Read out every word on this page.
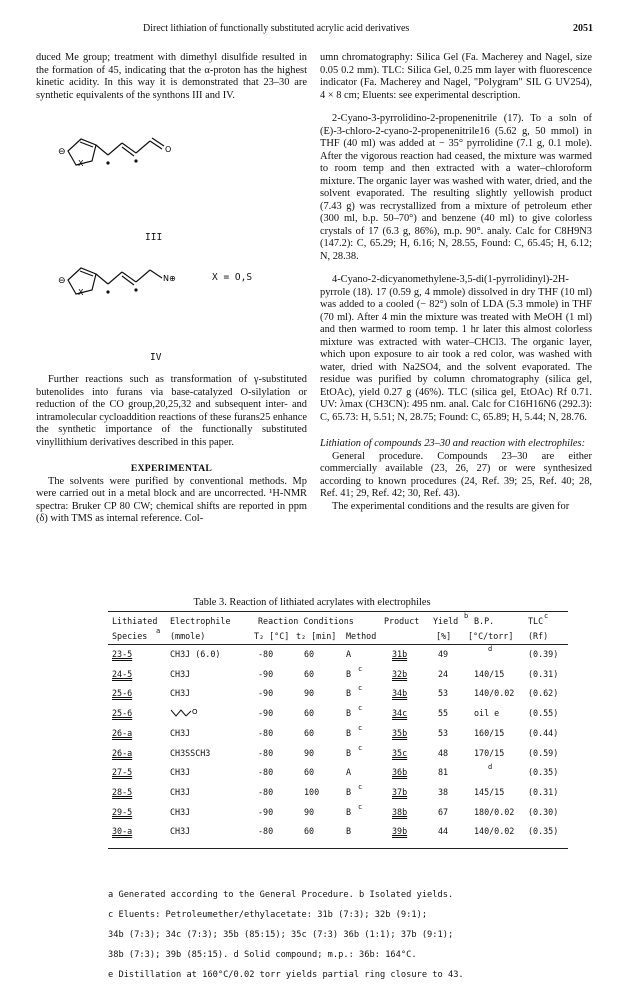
Direct lithiation of functionally substituted acrylic acid derivatives	2051

duced Me group; treatment with dimethyl disulfide resulted in the formation of 45, indicating that the α-proton has the highest kinetic acidity. In this way it is demonstrated that 23–30 are synthetic equivalents of the synthons III and IV.

⊖
X
O
III
⊖
X
N⊕	X = O,S
IV

Further reactions such as transformation of γ-substituted butenolides into furans via base-catalyzed O-silylation or reduction of the CO group,20,25,32 and subsequent inter- and intramolecular cycloaddition reactions of these furans25 enhance the synthetic importance of the functionally substituted vinyllithium derivatives described in this paper.

EXPERIMENTAL

The solvents were purified by conventional methods. Mp were carried out in a metal block and are uncorrected. ¹H-NMR spectra: Bruker CP 80 CW; chemical shifts are reported in ppm (δ) with TMS as internal reference. Col-

umn chromatography: Silica Gel (Fa. Macherey and Nagel, size 0.05 0.2 mm). TLC: Silica Gel, 0.25 mm layer with fluorescence indicator (Fa. Macherey and Nagel, "Polygram" SIL G UV254), 4 × 8 cm; Eluents: see experimental description.

2-Cyano-3-pyrrolidino-2-propenenitrile (17). To a soln of (E)-3-chloro-2-cyano-2-propenenitrile16 (5.62 g, 50 mmol) in THF (40 ml) was added at − 35° pyrrolidine (7.1 g, 0.1 mole). After the vigorous reaction had ceased, the mixture was warmed to room temp and then extracted with a water–chloroform mixture. The organic layer was washed with water, dried, and the solvent evaporated. The resulting slightly yellowish product (7.43 g) was recrystallized from a mixture of petroleum ether (300 ml, b.p. 50–70°) and benzene (40 ml) to give colorless crystals of 17 (6.3 g, 86%), m.p. 90°. analy. Calc for C8H9N3 (147.2): C, 65.29; H, 6.16; N, 28.55, Found: C, 65.45; H, 6.12; N, 28.38.

4-Cyano-2-dicyanomethylene-3,5-di(1-pyrrolidinyl)-2H-pyrrole (18). 17 (0.59 g, 4 mmole) dissolved in dry THF (10 ml) was added to a cooled (− 82°) soln of LDA (5.3 mmole) in THF (70 ml). After 4 min the mixture was treated with MeOH (1 ml) and then warmed to room temp. 1 hr later this almost colorless mixture was extracted with water–CHCl3. The organic layer, which upon exposure to air took a red color, was washed with water, dried with Na2SO4, and the solvent evaporated. The residue was purified by column chromatography (silica gel, EtOAc), yield 0.27 g (46%). TLC (silica gel, EtOAc) Rf 0.71. UV: λmax (CH3CN): 495 nm. anal. Calc for C16H16N6 (292.3): C, 65.73: H, 5.51; N, 28.75; Found: C, 65.89; H, 5.44; N, 28.76.

Lithiation of compounds 23–30 and reaction with electrophiles:

General procedure. Compounds 23–30 are either commercially available (23, 26, 27) or were synthesized according to known procedures (24, Ref. 39; 25, Ref. 40; 28, Ref. 41; 29, Ref. 42; 30, Ref. 43).

The experimental conditions and the results are given for

Table 3. Reaction of lithiated acrylates with electrophiles
Lithiated Electrophile	Reaction Conditions	Product Yield b B.P.	TLC c
Species a (mmole)	T₂ [°C] t₂ [min] Method	[%] [°C/torr] (Rf)
23-5	CH3J (6.0)	-80	60	A	31b	49	d	(0.39)
24-5	CH3J	-90	60	B	32b	24	140/15	(0.31)
c
25-6	CH3J	-90	90	B	34b	53	140/0.02 (0.62)
c
25-6	-90	60	B	34c	55	oil e	(0.55)
O	c
26-a	CH3J	-80	60	B	35b	53	160/15	(0.44)
c
26-a	CH3SSCH3	-80	90	B	35c	48	170/15	(0.59)
c
27-5	CH3J	-80	60	A	36b	81	d	(0.35)
28-5	CH3J	-80	100	B	37b	38	145/15	(0.31)
c
29-5	CH3J	-90	90	B	38b	67	180/0.02 (0.30)
c
30-a	CH3J	-80	60	B	39b	44	140/0.02 (0.35)

a Generated according to the General Procedure. b Isolated yields.

c Eluents: Petroleumether/ethylacetate: 31b (7:3); 32b (9:1);

34b (7:3); 34c (7:3); 35b (85:15); 35c (7:3) 36b (1:1); 37b (9:1);

38b (7:3); 39b (85:15). d Solid compound; m.p.: 36b: 164°C.

e Distillation at 160°C/0.02 torr yields partial ring closure to 43.
